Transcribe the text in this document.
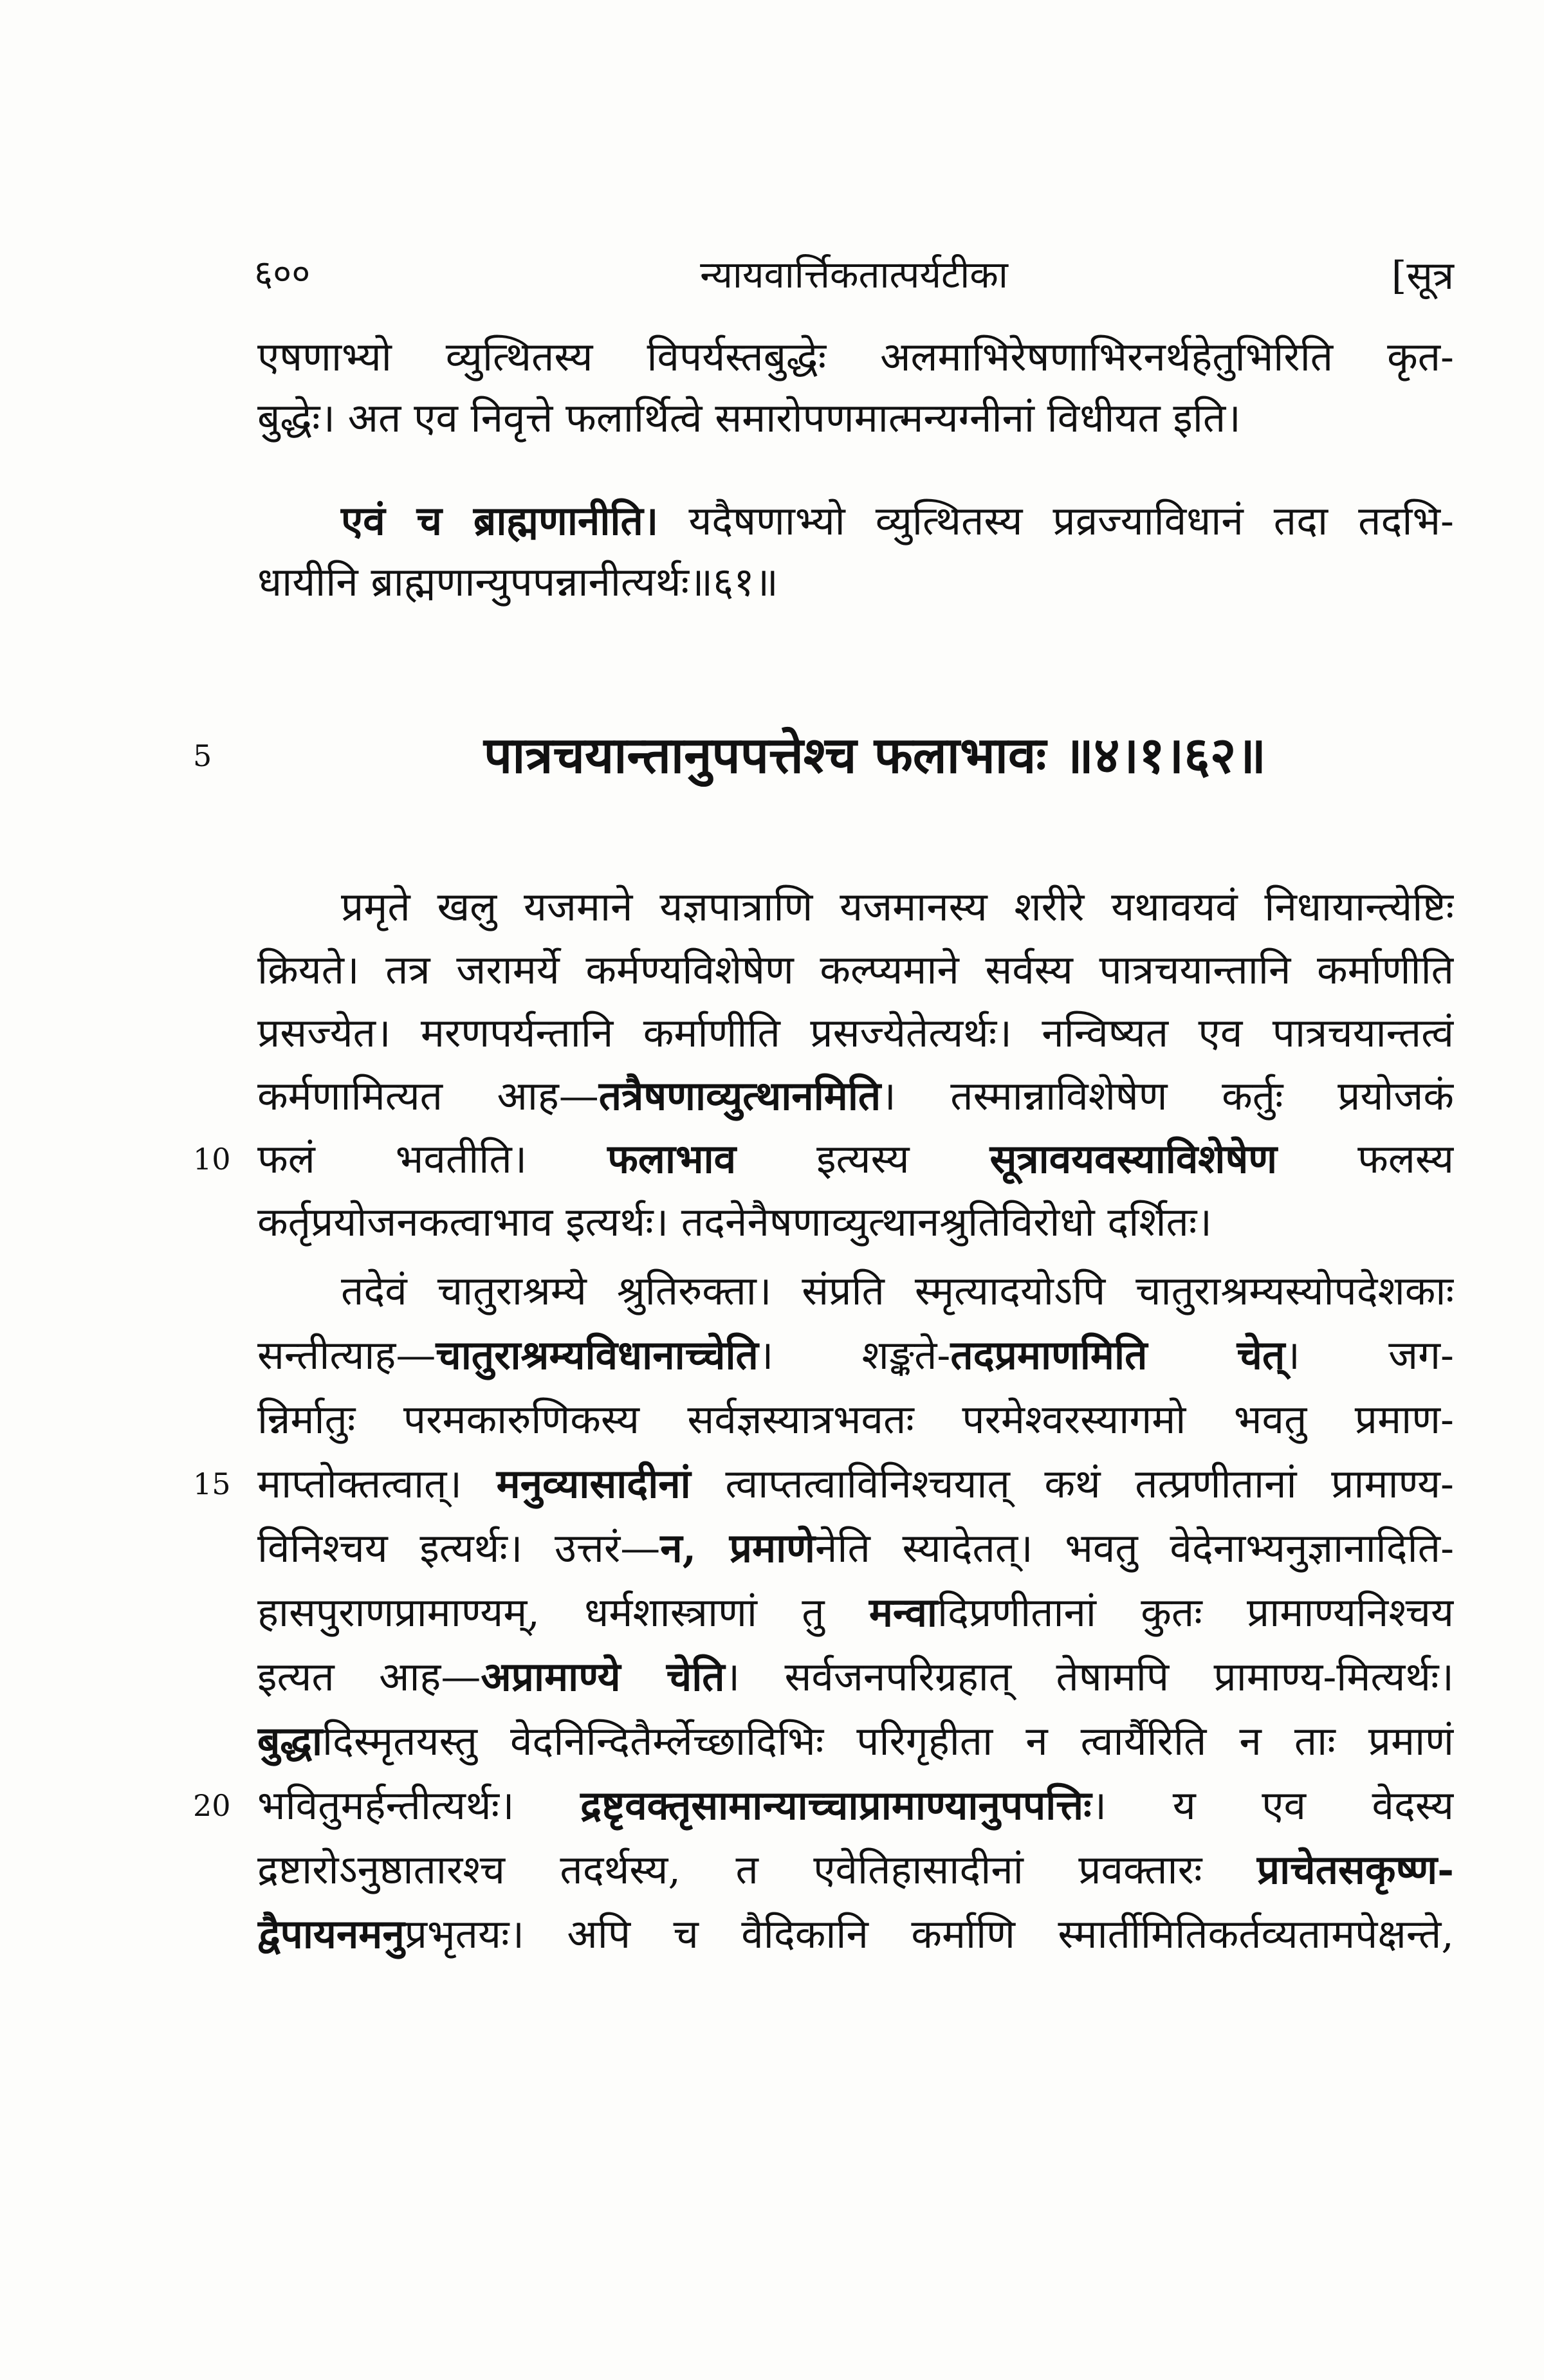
६००	न्यायवार्त्तिकतात्पर्यटीका	[सूत्र
एषणाभ्यो व्युत्थितस्य विपर्यस्तबुद्धेः अलमाभिरेषणाभिरनर्थहेतुभिरिति कृत-
बुद्धेः। अत एव निवृत्ते फलार्थित्वे समारोपणमात्मन्यग्नीनां विधीयत इति।
एवं च ब्राह्मणानीति। यदैषणाभ्यो व्युत्थितस्य प्रव्रज्याविधानं तदा तदभि-
धायीनि ब्राह्मणान्युपपन्नानीत्यर्थः॥६१॥
5	पात्रचयान्तानुपपत्तेश्च फलाभावः ॥४।१।६२॥
प्रमृते खलु यजमाने यज्ञपात्राणि यजमानस्य शरीरे यथावयवं निधायान्त्येष्टिः
क्रियते। तत्र जरामर्ये कर्मण्यविशेषेण कल्प्यमाने सर्वस्य पात्रचयान्तानि कर्माणीति
प्रसज्येत। मरणपर्यन्तानि कर्माणीति प्रसज्येतेत्यर्थः। नन्विष्यत एव पात्रचयान्तत्वं
कर्मणामित्यत आह—तत्रैषणाव्युत्थानमिति। तस्मान्नाविशेषेण कर्तुः प्रयोजकं
10 फलं भवतीति। फलाभाव इत्यस्य सूत्रावयवस्याविशेषेण फलस्य
कर्तृप्रयोजनकत्वाभाव इत्यर्थः। तदनेनैषणाव्युत्थानश्रुतिविरोधो दर्शितः।
तदेवं चातुराश्रम्ये श्रुतिरुक्ता। संप्रति स्मृत्यादयोऽपि चातुराश्रम्यस्योपदेशकाः
सन्तीत्याह—चातुराश्रम्यविधानाच्चेति। शङ्कते-तदप्रमाणमिति चेत्। जग-
न्निर्मातुः परमकारुणिकस्य सर्वज्ञस्यात्रभवतः परमेश्वरस्यागमो भवतु प्रमाण-
15 माप्तोक्तत्वात्। मनुव्यासादीनां त्वाप्तत्वाविनिश्चयात् कथं तत्प्रणीतानां प्रामाण्य-
विनिश्चय इत्यर्थः। उत्तरं—न, प्रमाणेनेति स्यादेतत्। भवतु वेदेनाभ्यनुज्ञानादिति-
हासपुराणप्रामाण्यम्, धर्मशास्त्राणां तु मन्वादिप्रणीतानां कुतः प्रामाण्यनिश्चय
इत्यत आह—अप्रामाण्ये चेति। सर्वजनपरिग्रहात् तेषामपि प्रामाण्य-मित्यर्थः।
बुद्धादिस्मृतयस्तु वेदनिन्दितैर्म्लेच्छादिभिः परिगृहीता न त्वार्यैरिति न ताः प्रमाणं
20 भवितुमर्हन्तीत्यर्थः। द्रष्टृवक्तृसामान्याच्चाप्रामाण्यानुपपत्तिः। य एव वेदस्य
द्रष्टारोऽनुष्ठातारश्च तदर्थस्य, त एवेतिहासादीनां प्रवक्तारः प्राचेतसकृष्ण-
द्वैपायनमनुप्रभृतयः। अपि च वैदिकानि कर्माणि स्मार्तीमितिकर्तव्यतामपेक्षन्ते,
